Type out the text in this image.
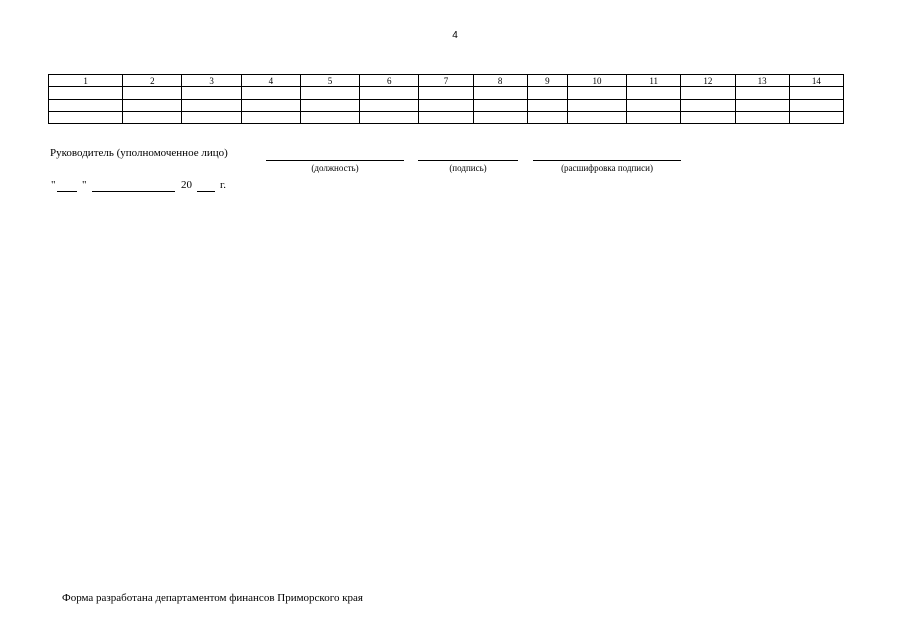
4
1	2	3	4	5	6	7	8	9	10	11	12	13	14

Руководитель (уполномоченное лицо)
(должность)	(подпись)	(расшифровка подписи)
" "	20	г.
Форма разработана департаментом финансов Приморского края
